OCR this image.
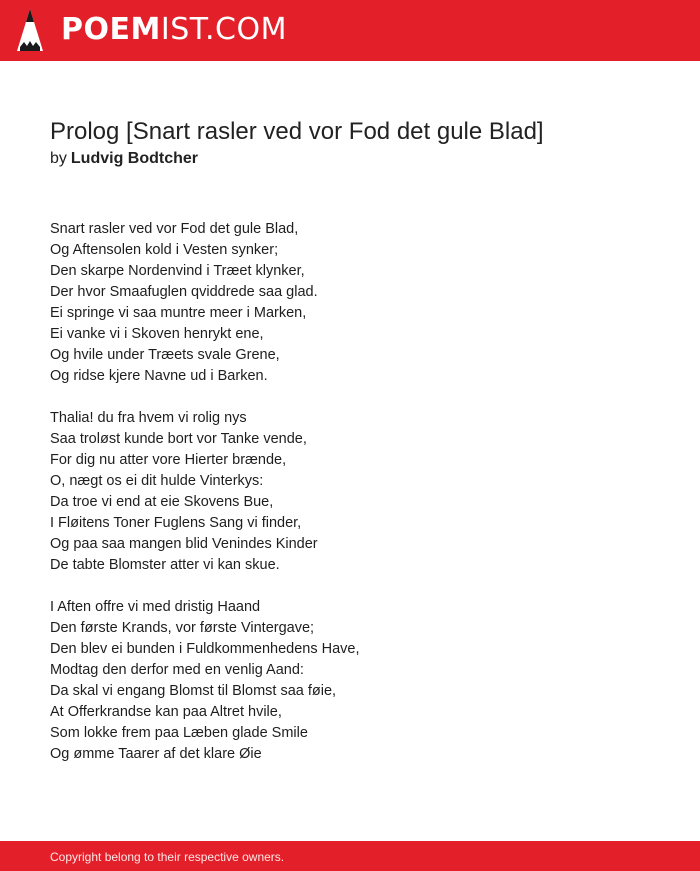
POEMIST.COM
Prolog [Snart rasler ved vor Fod det gule Blad]
by Ludvig Bodtcher
Snart rasler ved vor Fod det gule Blad,
Og Aftensolen kold i Vesten synker;
Den skarpe Nordenvind i Træet klynker,
Der hvor Smaafuglen qviddrede saa glad.
Ei springe vi saa muntre meer i Marken,
Ei vanke vi i Skoven henrykt ene,
Og hvile under Træets svale Grene,
Og ridse kjere Navne ud i Barken.
Thalia! du fra hvem vi rolig nys
Saa troløst kunde bort vor Tanke vende,
For dig nu atter vore Hierter brænde,
O, nægt os ei dit hulde Vinterkys:
Da troe vi end at eie Skovens Bue,
I Fløitens Toner Fuglens Sang vi finder,
Og paa saa mangen blid Venindes Kinder
De tabte Blomster atter vi kan skue.
I Aften offre vi med dristig Haand
Den første Krands, vor første Vintergave;
Den blev ei bunden i Fuldkommenhedens Have,
Modtag den derfor med en venlig Aand:
Da skal vi engang Blomst til Blomst saa føie,
At Offerkrandse kan paa Altret hvile,
Som lokke frem paa Læben glade Smile
Og ømme Taarer af det klare Øie
Copyright belong to their respective owners.
